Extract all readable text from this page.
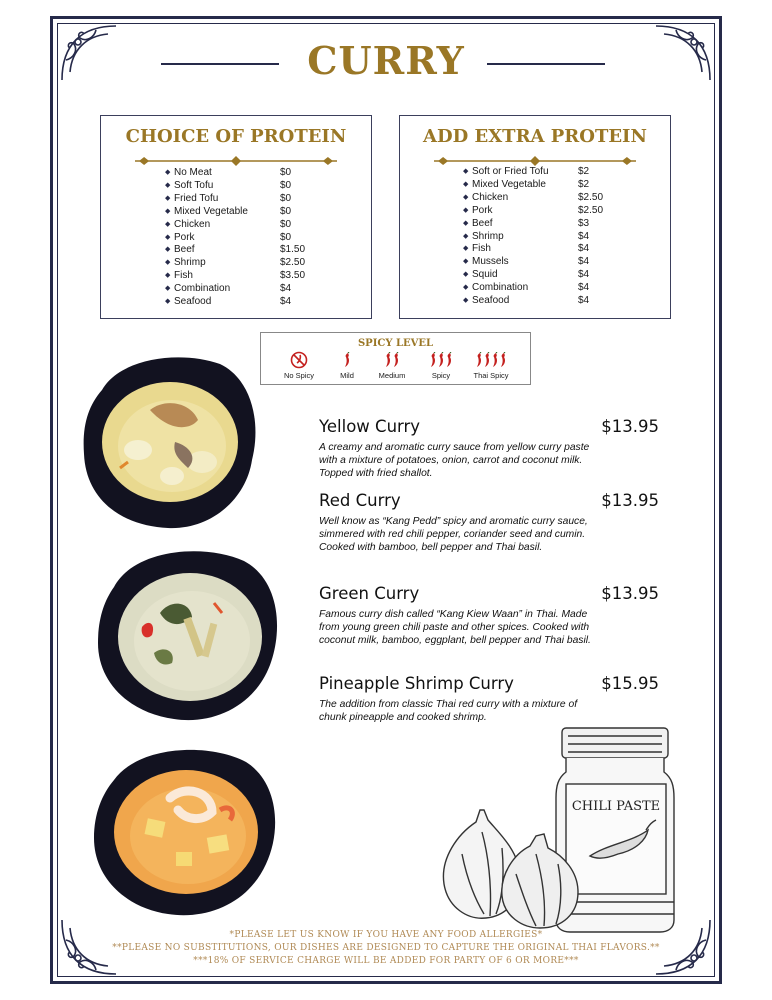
CURRY
CHOICE OF PROTEIN
◆ No Meat	$0
◆ Soft Tofu	$0
◆ Fried Tofu	$0
◆ Mixed Vegetable	$0
◆ Chicken	$0
◆ Pork	$0
◆ Beef	$1.50
◆ Shrimp	$2.50
◆ Fish	$3.50
◆ Combination	$4
◆ Seafood	$4
ADD EXTRA PROTEIN
◆ Soft or Fried Tofu	$2
◆ Mixed Vegetable	$2
◆ Chicken	$2.50
◆ Pork	$2.50
◆ Beef	$3
◆ Shrimp	$4
◆ Fish	$4
◆ Mussels	$4
◆ Squid	$4
◆ Combination	$4
◆ Seafood	$4
SPICY LEVEL
No Spicy	Mild	Medium	Spicy	Thai Spicy
Yellow Curry	$13.95
A creamy and aromatic curry sauce from yellow curry paste with a mixture of potatoes, onion, carrot and coconut milk. Topped with fried shallot.
Red Curry	$13.95
Well know as “Kang Pedd” spicy and aromatic curry sauce, simmered with red chili pepper, coriander seed and cumin. Cooked with bamboo, bell pepper and Thai basil.
Green Curry	$13.95
Famous curry dish called “Kang Kiew Waan” in Thai. Made from young green chili paste and other spices. Cooked with coconut milk, bamboo, eggplant, bell pepper and Thai basil.
Pineapple Shrimp Curry	$15.95
The addition from classic Thai red curry with a mixture of chunk pineapple and cooked shrimp.
CHILI PASTE
*PLEASE LET US KNOW IF YOU HAVE ANY FOOD ALLERGIES*
**PLEASE NO SUBSTITUTIONS, OUR DISHES ARE DESIGNED TO CAPTURE THE ORIGINAL THAI FLAVORS.**
***18% OF SERVICE CHARGE WILL BE ADDED FOR PARTY OF 6 OR MORE***
